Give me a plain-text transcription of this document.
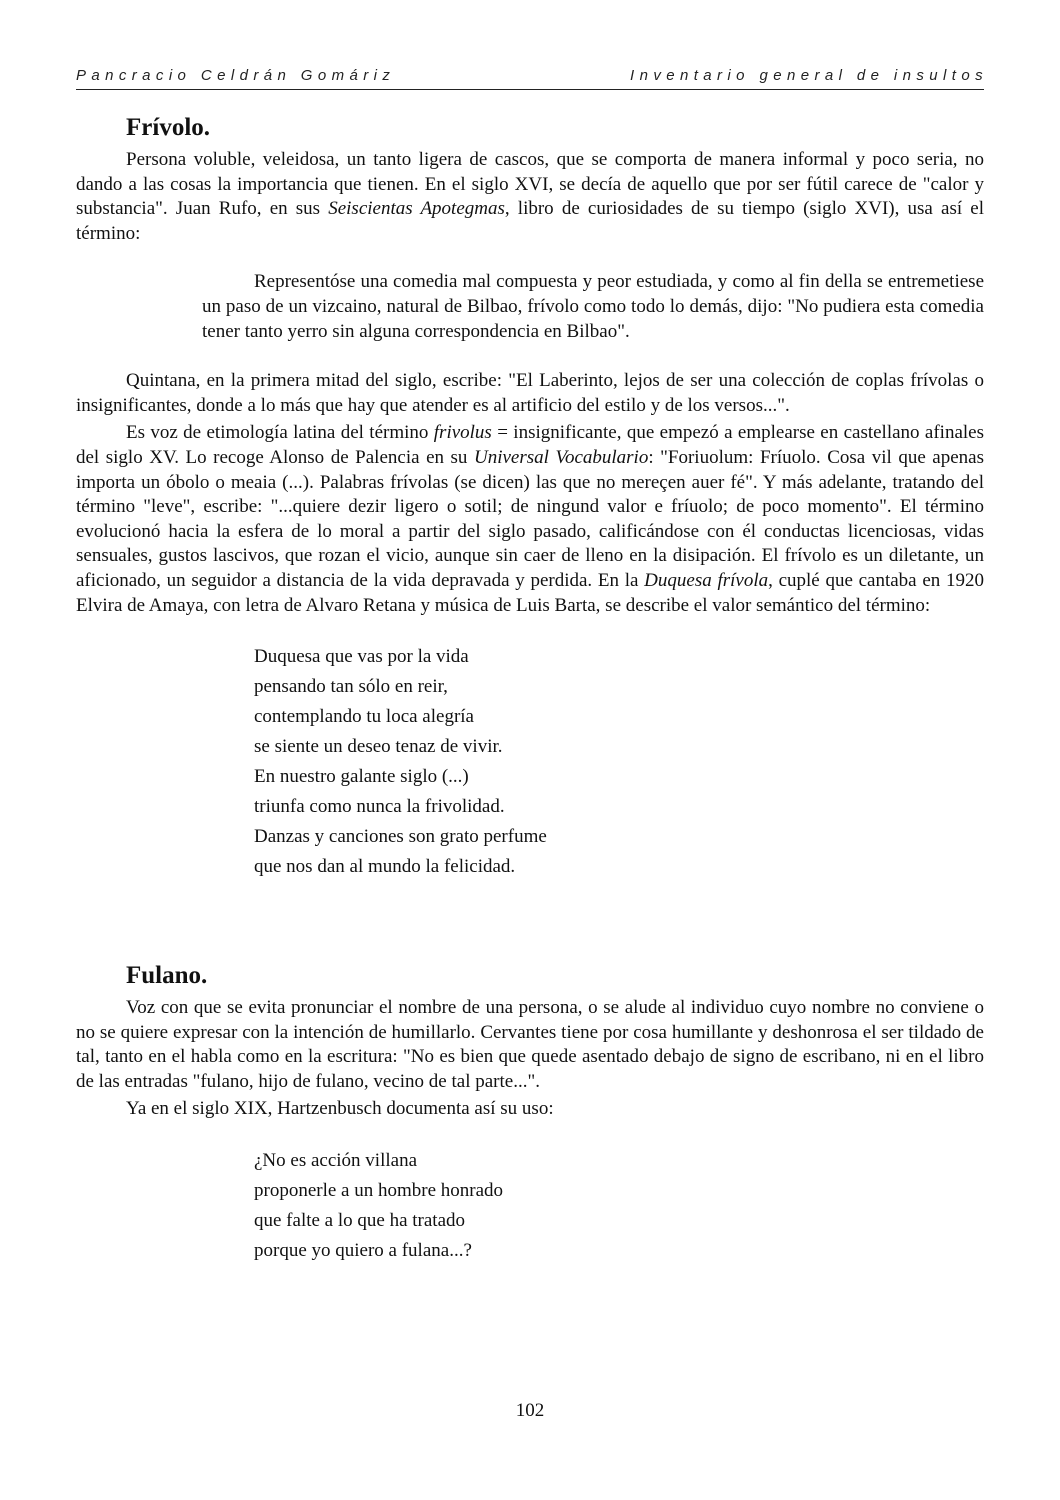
Pancracio Celdrán Gomáriz	Inventario general de insultos
Frívolo.

Persona voluble, veleidosa, un tanto ligera de cascos, que se comporta de manera informal y poco seria, no dando a las cosas la importancia que tienen. En el siglo XVI, se decía de aquello que por ser fútil carece de "calor y substancia". Juan Rufo, en sus Seiscientas Apotegmas, libro de curiosidades de su tiempo (siglo XVI), usa así el término:

Representóse una comedia mal compuesta y peor estudiada, y como al fin della se entremetiese un paso de un vizcaino, natural de Bilbao, frívolo como todo lo demás, dijo: "No pudiera esta comedia tener tanto yerro sin alguna correspondencia en Bilbao".

Quintana, en la primera mitad del siglo, escribe: "El Laberinto, lejos de ser una colección de coplas frívolas o insignificantes, donde a lo más que hay que atender es al artificio del estilo y de los versos...".

Es voz de etimología latina del término frivolus = insignificante, que empezó a emplearse en castellano afinales del siglo XV. Lo recoge Alonso de Palencia en su Universal Vocabulario: "Foriuolum: Fríuolo. Cosa vil que apenas importa un óbolo o meaia (...). Palabras frívolas (se dicen) las que no mereçen auer fé". Y más adelante, tratando del término "leve", escribe: "...quiere dezir ligero o sotil; de ningund valor e fríuolo; de poco momento". El término evolucionó hacia la esfera de lo moral a partir del siglo pasado, calificándose con él conductas licenciosas, vidas sensuales, gustos lascivos, que rozan el vicio, aunque sin caer de lleno en la disipación. El frívolo es un diletante, un aficionado, un seguidor a distancia de la vida depravada y perdida. En la Duquesa frívola, cuplé que cantaba en 1920 Elvira de Amaya, con letra de Alvaro Retana y música de Luis Barta, se describe el valor semántico del término:

Duquesa que vas por la vida
pensando tan sólo en reir,
contemplando tu loca alegría
se siente un deseo tenaz de vivir.
En nuestro galante siglo (...)
triunfa como nunca la frivolidad.
Danzas y canciones son grato perfume
que nos dan al mundo la felicidad.
Fulano.

Voz con que se evita pronunciar el nombre de una persona, o se alude al individuo cuyo nombre no conviene o no se quiere expresar con la intención de humillarlo. Cervantes tiene por cosa humillante y deshonrosa el ser tildado de tal, tanto en el habla como en la escritura: "No es bien que quede asentado debajo de signo de escribano, ni en el libro de las entradas "fulano, hijo de fulano, vecino de tal parte...".

Ya en el siglo XIX, Hartzenbusch documenta así su uso:

¿No es acción villana
proponerle a un hombre honrado
que falte a lo que ha tratado
porque yo quiero a fulana...?
102
